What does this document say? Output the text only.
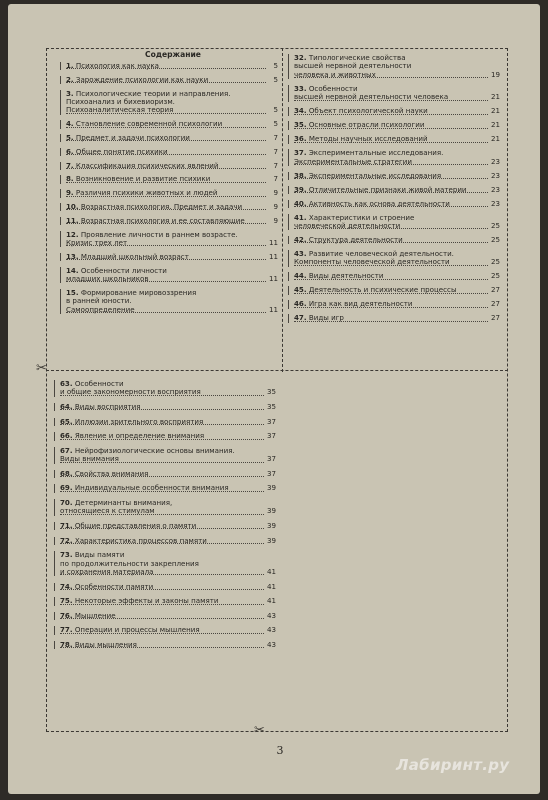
✂
✂
Содержание
1. Психология как наука	5
2. Зарождение психологии как науки	5
3. Психологические теории и направления.
Психоанализ и бихевиоризм.
Психоаналитическая теория	5
4. Становление современной психологии	5
5. Предмет и задачи психологии	7
6. Общее понятие психики	7
7. Классификация психических явлений	7
8. Возникновение и развитие психики	7
9. Различия психики животных и людей	9
10. Возрастная психология. Предмет и задачи	9
11. Возрастная психология и ее составляющие	9
12. Проявление личности в раннем возрасте.
Кризис трех лет	11
13. Младший школьный возраст	11
14. Особенности личности
младших школьников	11
15. Формирование мировоззрения
в ранней юности.
Самоопределение	11
32. Типологические свойства
высшей нервной деятельности
человека и животных	19
33. Особенности
высшей нервной деятельности человека	21
34. Объект психологической науки	21
35. Основные отрасли психологии	21
36. Методы научных исследований	21
37. Экспериментальные исследования.
Экспериментальные стратегии	23
38. Экспериментальные исследования	23
39. Отличительные признаки живой материи	23
40. Активность как основа деятельности	23
41. Характеристики и строение
человеческой деятельности	25
42. Структура деятельности	25
43. Развитие человеческой деятельности.
Компоненты человеческой деятельности	25
44. Виды деятельности	25
45. Деятельность и психические процессы	27
46. Игра как вид деятельности	27
47. Виды игр	27
63. Особенности
и общие закономерности восприятия	35
64. Виды восприятия	35
65. Иллюзии зрительного восприятия	37
66. Явление и определение внимания	37
67. Нейрофизиологические основы внимания.
Виды внимания	37
68. Свойства внимания	37
69. Индивидуальные особенности внимания	39
70. Детерминанты внимания,
относящиеся к стимулам	39
71. Общие представления о памяти	39
72. Характеристика процессов памяти	39
73. Виды памяти
по продолжительности закрепления
и сохранения материала	41
74. Особенности памяти	41
75. Некоторые эффекты и законы памяти	41
76. Мышление	43
77. Операции и процессы мышления	43
78. Виды мышления	43
3
Лабиринт.ру
